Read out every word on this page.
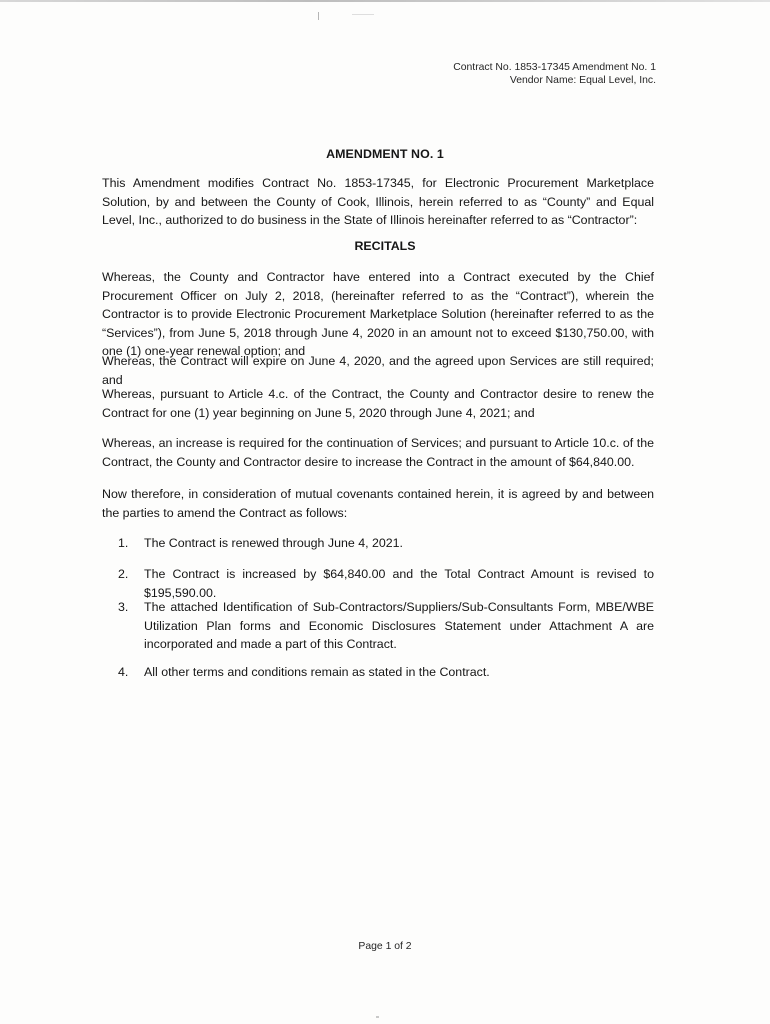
Contract No. 1853-17345 Amendment No. 1
Vendor Name: Equal Level, Inc.
AMENDMENT NO. 1

This Amendment modifies Contract No. 1853-17345, for Electronic Procurement Marketplace Solution, by and between the County of Cook, Illinois, herein referred to as “County” and Equal Level, Inc., authorized to do business in the State of Illinois hereinafter referred to as “Contractor”:

RECITALS

Whereas, the County and Contractor have entered into a Contract executed by the Chief Procurement Officer on July 2, 2018, (hereinafter referred to as the “Contract”), wherein the Contractor is to provide Electronic Procurement Marketplace Solution (hereinafter referred to as the “Services”), from June 5, 2018 through June 4, 2020 in an amount not to exceed $130,750.00, with one (1) one-year renewal option; and

Whereas, the Contract will expire on June 4, 2020, and the agreed upon Services are still required; and

Whereas, pursuant to Article 4.c. of the Contract, the County and Contractor desire to renew the Contract for one (1) year beginning on June 5, 2020 through June 4, 2021; and

Whereas, an increase is required for the continuation of Services; and pursuant to Article 10.c. of the Contract, the County and Contractor desire to increase the Contract in the amount of $64,840.00.

Now therefore, in consideration of mutual covenants contained herein, it is agreed by and between the parties to amend the Contract as follows:

1.	The Contract is renewed through June 4, 2021.
2.	The Contract is increased by $64,840.00 and the Total Contract Amount is revised to $195,590.00.
3.	The attached Identification of Sub-Contractors/Suppliers/Sub-Consultants Form, MBE/WBE Utilization Plan forms and Economic Disclosures Statement under Attachment A are incorporated and made a part of this Contract.
4.	All other terms and conditions remain as stated in the Contract.
Page 1 of 2
